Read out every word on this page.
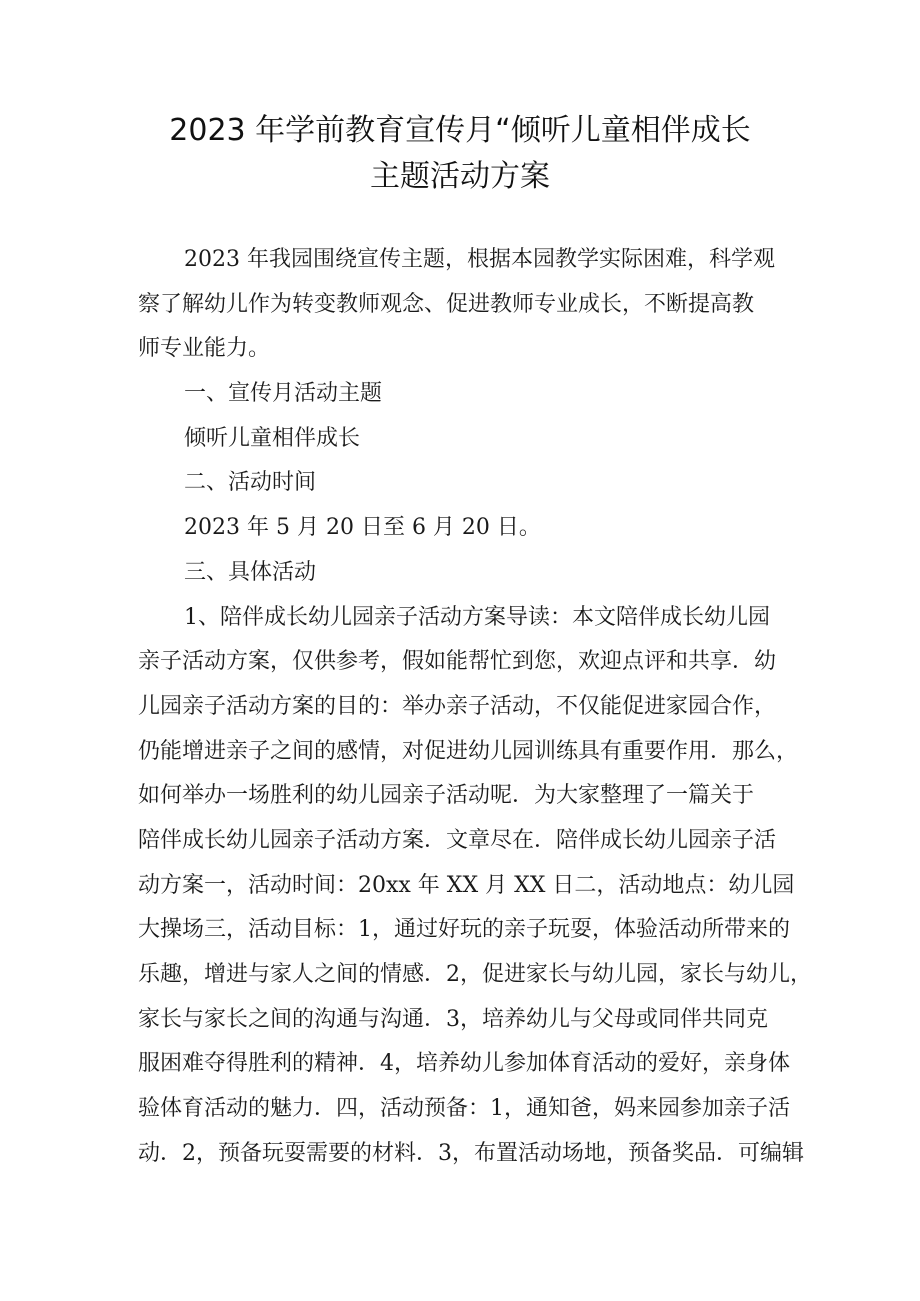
2023 年学前教育宣传月“倾听儿童相伴成长
主题活动方案
2023 年我园围绕宣传主题，根据本园教学实际困难，科学观
察了解幼儿作为转变教师观念、促进教师专业成长，不断提高教
师专业能力。
一、宣传月活动主题
倾听儿童相伴成长
二、活动时间
2023 年 5 月 20 日至 6 月 20 日。
三、具体活动
1、陪伴成长幼儿园亲子活动方案导读：本文陪伴成长幼儿园
亲子活动方案，仅供参考，假如能帮忙到您，欢迎点评和共享．幼
儿园亲子活动方案的目的：举办亲子活动，不仅能促进家园合作，
仍能增进亲子之间的感情，对促进幼儿园训练具有重要作用．那么，
如何举办一场胜利的幼儿园亲子活动呢．为大家整理了一篇关于
陪伴成长幼儿园亲子活动方案．文章尽在．陪伴成长幼儿园亲子活
动方案一，活动时间：20xx 年 XX 月 XX 日二，活动地点：幼儿园
大操场三，活动目标：1，通过好玩的亲子玩耍，体验活动所带来的
乐趣，增进与家人之间的情感．2，促进家长与幼儿园，家长与幼儿，
家长与家长之间的沟通与沟通．3，培养幼儿与父母或同伴共同克
服困难夺得胜利的精神．4，培养幼儿参加体育活动的爱好，亲身体
验体育活动的魅力．四，活动预备：1，通知爸，妈来园参加亲子活
动．2，预备玩耍需要的材料．3，布置活动场地，预备奖品．可编辑
